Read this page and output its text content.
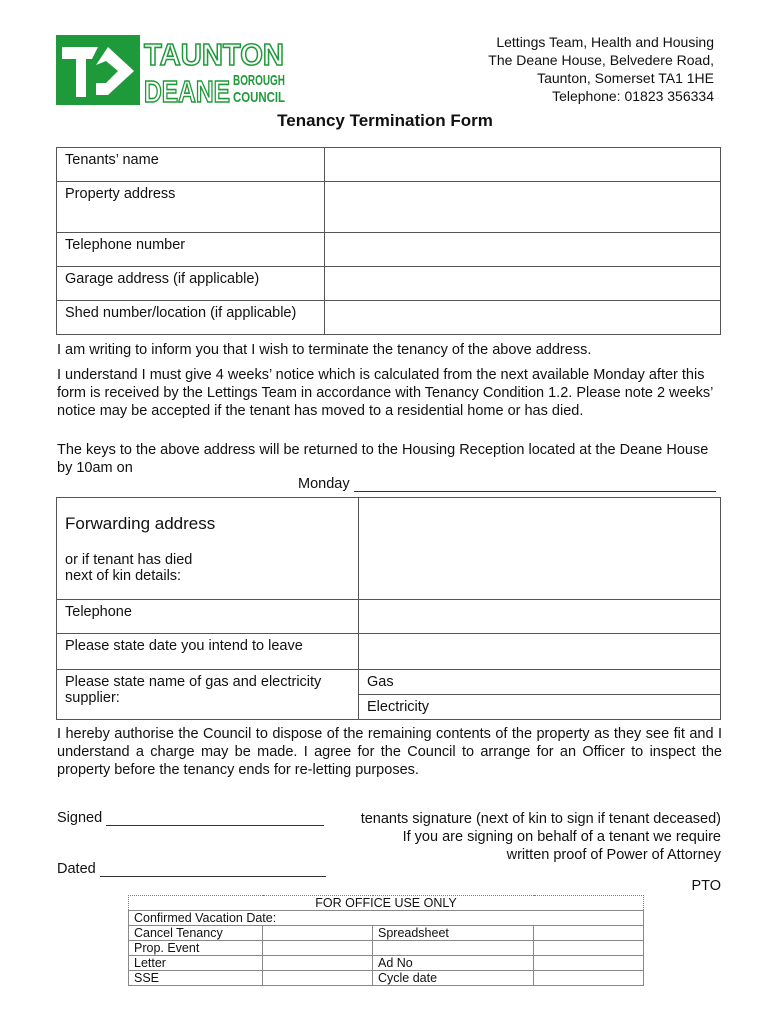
TAUNTON
DEANE BOROUGH
COUNCIL
Lettings Team, Health and Housing
The Deane House, Belvedere Road,
Taunton, Somerset TA1 1HE
Telephone: 01823 356334
Tenancy Termination Form
Tenants’ name	
Property address	
Telephone number	
Garage address (if applicable)	
Shed number/location (if applicable)	
I am writing to inform you that I wish to terminate the tenancy of the above address.
I understand I must give 4 weeks’ notice which is calculated from the next available Monday after this form is received by the Lettings Team in accordance with Tenancy Condition 1.2. Please note 2 weeks’ notice may be accepted if the tenant has moved to a residential home or has died.
The keys to the above address will be returned to the Housing Reception located at the Deane House by 10am on
Monday
Forwarding address
or if tenant has died
next of kin details:	

Telephone	
Please state date you intend to leave	
Please state name of gas and electricity supplier:	Gas
	Electricity
I hereby authorise the Council to dispose of the remaining contents of the property as they see fit and I understand a charge may be made. I agree for the Council to arrange for an Officer to inspect the property before the tenancy ends for re-letting purposes.
Signed	tenants signature (next of kin to sign if tenant deceased)
If you are signing on behalf of a tenant we require
written proof of Power of Attorney
Dated
PTO
FOR OFFICE USE ONLY			
Confirmed Vacation Date:			
Cancel Tenancy		Spreadsheet	
Prop. Event			
Letter		Ad No	
SSE		Cycle date	
